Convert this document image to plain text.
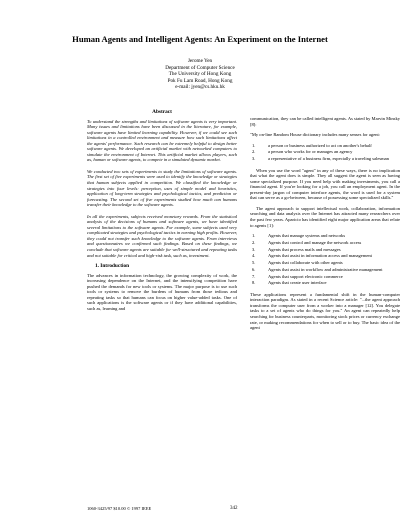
Human Agents and Intelligent Agents: An Experiment on the Internet
Jerome Yen
Department of Computer Science
The University of Hong Kong
Pok Fu Lam Road, Hong Kong
e-mail: jyen@cs.hku.hk
Abstract

To understand the strengths and limitations of software agents is very important. Many issues and limitations have been discussed in the literature, for example, software agents have limited learning capability. However, if we could see such limitations in a controlled environment and measure how such limitations affect the agents' performance. Such research can be extremely helpful to design better software agents. We developed an artificial market with networked computers to simulate the environment of Internet. This artificial market allows players, such as, human or software agents, to compete in a simulated dynamic market.

We conducted two sets of experiments to study the limitations of software agents. The first set of five experiments were used to identify the knowledge or strategies that human subjects applied in competition. We classified the knowledge or strategies into four levels: perception, uses of simple model and heuristics, application of long-term strategies and psychological tactics, and prediction or forecasting. The second set of five experiments studied how much can humans transfer their knowledge to the software agents.

In all the experiments, subjects received monetary rewards. From the statistical analysis of the decisions of humans and software agents, we have identified several limitations to the software agents. For example, some subjects used very complicated strategies and psychological tactics in earning high profits. However, they could not transfer such knowledge to the software agents. From interviews and questionnaires we confirmed such findings. Based on these findings, we conclude that software agents are suitable for well-structured and repeating tasks and not suitable for critical and high-risk task, such as, investment.

1. Introduction

The advances in information technology, the growing complexity of work, the increasing dependence on the Internet, and the intensifying competition have pushed the demands for new tools or systems. The major purpose is to use such tools or systems to remove the burdens of humans from those tedious and repeating tasks so that humans can focus on higher value-added tasks. One of such applications is the software agents or if they have additional capabilities, such as, learning and

communication, they can be called intelligent agents. As stated by Marvin Minsky [8]:

"My on-line Random House dictionary includes many senses for agent:

1.	a person or business authorized to act on another's behalf
2.	a person who works for or manages an agency
3.	a representative of a business firm, especially a traveling salesman

When you use the word "agent" in any of these ways, there is no implication that what the agent does is simple. They all suggest the agent is seen as having some specialized purpose. If you need help with making investments, you call a financial agent. If you're looking for a job, you call an employment agent. In the present-day jargon of computer interface agents, the word is used for a system that can serve as a go-between, because of possessing some specialized skills."

The agent approach to support intellectual work, collaboration, information searching and data analysis over the Internet has attracted many researchers over the past few years. Aparicio has identified eight major application areas that relate to agents [1]:

1.	Agents that manage systems and networks
2.	Agents that control and manage the network access
3.	Agents that process mails and messages
4.	Agents that assist in information access and management
5.	Agents that collaborate with other agents
6.	Agents that assist in workflow and administrative management
7.	Agents that support electronic commerce
8.	Agents that create user interface

These applications represent a fundamental shift in the human-computer interaction paradigm. As stated in a recent Science article: "...the agent approach transforms the computer user from a worker into a manager [12]. You delegate tasks to a set of agents who do things for you." An agent can repeatedly help searching for business counterparts, monitoring stock prices or currency exchange rate, or making recommendations for when to sell or to buy. The basic idea of the agent

1060-3425/97 $10.00 © 1997 IEEE	342
